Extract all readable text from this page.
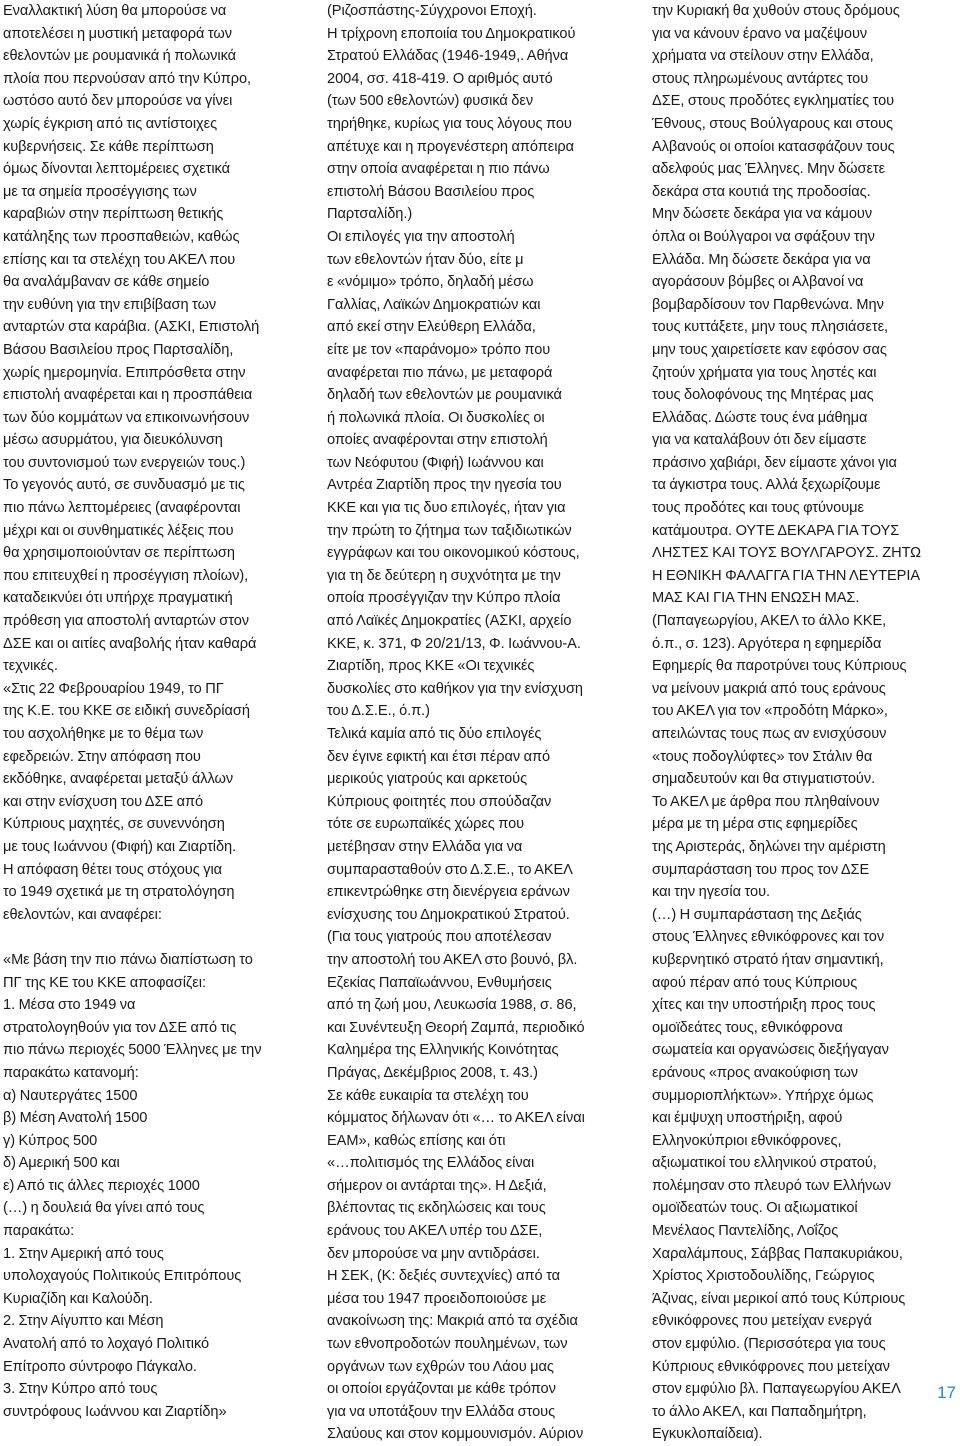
Εναλλακτική λύση θα μπορούσε να
αποτελέσει η μυστική μεταφορά των
εθελοντών με ρουμανικά ή πολωνικά
πλοία που περνούσαν από την Κύπρο,
ωστόσο αυτό δεν μπορούσε να γίνει
χωρίς έγκριση από τις αντίστοιχες
κυβερνήσεις. Σε κάθε περίπτωση
όμως δίνονται λεπτομέρειες σχετικά
με τα σημεία προσέγγισης των
καραβιών στην περίπτωση θετικής
κατάληξης των προσπαθειών, καθώς
επίσης και τα στελέχη του ΑΚΕΛ που
θα αναλάμβαναν σε κάθε σημείο
την ευθύνη για την επιβίβαση των
ανταρτών στα καράβια. (ΑΣΚΙ, Επιστολή
Βάσου Βασιλείου προς Παρτσαλίδη,
χωρίς ημερομηνία. Επιπρόσθετα στην
επιστολή αναφέρεται και η προσπάθεια
των δύο κομμάτων να επικοινωνήσουν
μέσω ασυρμάτου, για διευκόλυνση
του συντονισμού των ενεργειών τους.)
Το γεγονός αυτό, σε συνδυασμό με τις
πιο πάνω λεπτομέρειες (αναφέρονται
μέχρι και οι συνθηματικές λέξεις που
θα χρησιμοποιούνταν σε περίπτωση
που επιτευχθεί η προσέγγιση πλοίων),
καταδεικνύει ότι υπήρχε πραγματική
πρόθεση για αποστολή ανταρτών στον
ΔΣΕ και οι αιτίες αναβολής ήταν καθαρά
τεχνικές.
«Στις 22 Φεβρουαρίου 1949, το ΠΓ
της Κ.Ε. του ΚΚΕ σε ειδική συνεδρίασή
του ασχολήθηκε με το θέμα των
εφεδρειών. Στην απόφαση που
εκδόθηκε, αναφέρεται μεταξύ άλλων
και στην ενίσχυση του ΔΣΕ από
Κύπριους μαχητές, σε συνεννόηση
με τους Ιωάννου (Φιφή) και Ζιαρτίδη.
Η απόφαση θέτει τους στόχους για
το 1949 σχετικά με τη στρατολόγηση
εθελοντών, και αναφέρει:
«Με βάση την πιο πάνω διαπίστωση το
ΠΓ της ΚΕ του ΚΚΕ αποφασίζει:
1. Μέσα στο 1949 να
στρατολογηθούν για τον ΔΣΕ από τις
πιο πάνω περιοχές 5000 Έλληνες με την
παρακάτω κατανομή:
α) Ναυτεργάτες 1500
β) Μέση Ανατολή 1500
γ) Κύπρος 500
δ) Αμερική 500 και
ε) Από τις άλλες περιοχές 1000
(…) η δουλειά θα γίνει από τους
παρακάτω:
1. Στην Αμερική από τους
υπολοχαγούς Πολιτικούς Επιτρόπους
Κυριαζίδη και Καλούδη.
2. Στην Αίγυπτο και Μέση
Ανατολή από το λοχαγό Πολιτικό
Επίτροπο σύντροφο Πάγκαλο.
3. Στην Κύπρο από τους
συντρόφους Ιωάννου και Ζιαρτίδη»
(Ριζοσπάστης-Σύγχρονοι Εποχή.
Η τρίχρονη εποποιία του Δημοκρατικού
Στρατού Ελλάδας (1946-1949,. Αθήνα
2004, σσ. 418-419. Ο αριθμός αυτό
(των 500 εθελοντών) φυσικά δεν
τηρήθηκε, κυρίως για τους λόγους που
απέτυχε και η προγενέστερη απόπειρα
στην οποία αναφέρεται η πιο πάνω
επιστολή Βάσου Βασιλείου προς
Παρτσαλίδη.)
Οι επιλογές για την αποστολή
των εθελοντών ήταν δύο, είτε μ
ε «νόμιμο» τρόπο, δηλαδή μέσω
Γαλλίας, Λαϊκών Δημοκρατιών και
από εκεί στην Ελεύθερη Ελλάδα,
είτε με τον «παράνομο» τρόπο που
αναφέρεται πιο πάνω, με μεταφορά
δηλαδή των εθελοντών με ρουμανικά
ή πολωνικά πλοία. Οι δυσκολίες οι
οποίες αναφέρονται στην επιστολή
των Νεόφυτου (Φιφή) Ιωάννου και
Αντρέα Ζιαρτίδη προς την ηγεσία του
ΚΚΕ και για τις δυο επιλογές, ήταν για
την πρώτη το ζήτημα των ταξιδιωτικών
εγγράφων και του οικονομικού κόστους,
για τη δε δεύτερη η συχνότητα με την
οποία προσέγγιζαν την Κύπρο πλοία
από Λαϊκές Δημοκρατίες (ΑΣΚΙ, αρχείο
ΚΚΕ, κ. 371, Φ 20/21/13, Φ. Ιωάννου-Α.
Ζιαρτίδη, προς ΚΚΕ «Οι τεχνικές
δυσκολίες στο καθήκον για την ενίσχυση
του Δ.Σ.Ε., ό.π.)
Τελικά καμία από τις δύο επιλογές
δεν έγινε εφικτή και έτσι πέραν από
μερικούς γιατρούς και αρκετούς
Κύπριους φοιτητές που σπούδαζαν
τότε σε ευρωπαϊκές χώρες που
μετέβησαν στην Ελλάδα για να
συμπαρασταθούν στο Δ.Σ.Ε., το ΑΚΕΛ
επικεντρώθηκε στη διενέργεια εράνων
ενίσχυσης του Δημοκρατικού Στρατού.
(Για τους γιατρούς που αποτέλεσαν
την αποστολή του ΑΚΕΛ στο βουνό, βλ.
Εζεκίας Παπαϊωάννου, Ενθυμήσεις
από τη ζωή μου, Λευκωσία 1988, σ. 86,
και Συνέντευξη Θεορή Ζαμπά, περιοδικό
Καλημέρα της Ελληνικής Κοινότητας
Πράγας, Δεκέμβριος 2008, τ. 43.)
Σε κάθε ευκαιρία τα στελέχη του
κόμματος δήλωναν ότι «… το ΑΚΕΛ είναι
ΕΑΜ», καθώς επίσης και ότι
«…πολιτισμός της Ελλάδος είναι
σήμερον οι αντάρται της». Η Δεξιά,
βλέποντας τις εκδηλώσεις και τους
εράνους του ΑΚΕΛ υπέρ του ΔΣΕ,
δεν μπορούσε να μην αντιδράσει.
Η ΣΕΚ, (Κ: δεξιές συντεχνίες) από τα
μέσα του 1947 προειδοποιούσε με
ανακοίνωση της: Μακριά από τα σχέδια
των εθνοπροδοτών πουλημένων, των
οργάνων των εχθρών του Λάου μας
οι οποίοι εργάζονται με κάθε τρόπον
για να υποτάξουν την Ελλάδα στους
Σλαύους και στον κομμουνισμόν. Αύριον
την Κυριακή θα χυθούν στους δρόμους
για να κάνουν έρανο να μαζέψουν
χρήματα να στείλουν στην Ελλάδα,
στους πληρωμένους αντάρτες του
ΔΣΕ, στους προδότες εγκληματίες του
Έθνους, στους Βούλγαρους και στους
Αλβανούς οι οποίοι κατασφάζουν τους
αδελφούς μας Έλληνες. Μην δώσετε
δεκάρα στα κουτιά της προδοσίας.
Μην δώσετε δεκάρα για να κάμουν
όπλα οι Βούλγαροι να σφάξουν την
Ελλάδα. Μη δώσετε δεκάρα για να
αγοράσουν βόμβες οι Αλβανοί να
βομβαρδίσουν τον Παρθενώνα. Μην
τους κυττάξετε, μην τους πλησιάσετε,
μην τους χαιρετίσετε καν εφόσον σας
ζητούν χρήματα για τους ληστές και
τους δολοφόνους της Μητέρας μας
Ελλάδας. Δώστε τους ένα μάθημα
για να καταλάβουν ότι δεν είμαστε
πράσινο χαβιάρι, δεν είμαστε χάνοι για
τα άγκιστρα τους. Αλλά ξεχωρίζουμε
τους προδότες και τους φτύνουμε
κατάμουτρα. ΟΥΤΕ ΔΕΚΑΡΑ ΓΙΑ ΤΟΥΣ
ΛΗΣΤΕΣ ΚΑΙ ΤΟΥΣ ΒΟΥΛΓΑΡΟΥΣ. ΖΗΤΩ
Η ΕΘΝΙΚΗ ΦΑΛΑΓΓΑ ΓΙΑ ΤΗΝ ΛΕΥΤΕΡΙΑ
ΜΑΣ ΚΑΙ ΓΙΑ ΤΗΝ ΕΝΩΣΗ ΜΑΣ.
(Παπαγεωργίου, ΑΚΕΛ το άλλο ΚΚΕ,
ό.π., σ. 123). Αργότερα η εφημερίδα
Εφημερίς θα παροτρύνει τους Κύπριους
να μείνουν μακριά από τους εράνους
του ΑΚΕΛ για τον «προδότη Μάρκο»,
απειλώντας τους πως αν ενισχύσουν
«τους ποδογλύφτες» τον Στάλιν θα
σημαδευτούν και θα στιγματιστούν.
Το ΑΚΕΛ με άρθρα που πληθαίνουν
μέρα με τη μέρα στις εφημερίδες
της Αριστεράς, δηλώνει την αμέριστη
συμπαράσταση του προς τον ΔΣΕ
και την ηγεσία του.
(…) Η συμπαράσταση της Δεξιάς
στους Έλληνες εθνικόφρονες και τον
κυβερνητικό στρατό ήταν σημαντική,
αφού πέραν από τους Κύπριους
χίτες και την υποστήριξη προς τους
ομοϊδεάτες τους, εθνικόφρονα
σωματεία και οργανώσεις διεξήγαγαν
εράνους «προς ανακούφιση των
συμμοριοπλήκτων». Υπήρχε όμως
και έμψυχη υποστήριξη, αφού
Ελληνοκύπριοι εθνικόφρονες,
αξιωματικοί του ελληνικού στρατού,
πολέμησαν στο πλευρό των Ελλήνων
ομοϊδεατών τους. Οι αξιωματικοί
Μενέλαος Παντελίδης, Λοΐζος
Χαραλάμπους, Σάββας Παπακυριάκου,
Χρίστος Χριστοδουλίδης, Γεώργιος
Άζινας, είναι μερικοί από τους Κύπριους
εθνικόφρονες που μετείχαν ενεργά
στον εμφύλιο. (Περισσότερα για τους
Κύπριους εθνικόφρονες που μετείχαν
στον εμφύλιο βλ. Παπαγεωργίου ΑΚΕΛ
το άλλο ΑΚΕΛ, και Παπαδημήτρη,
Εγκυκλοπαίδεια).
17
